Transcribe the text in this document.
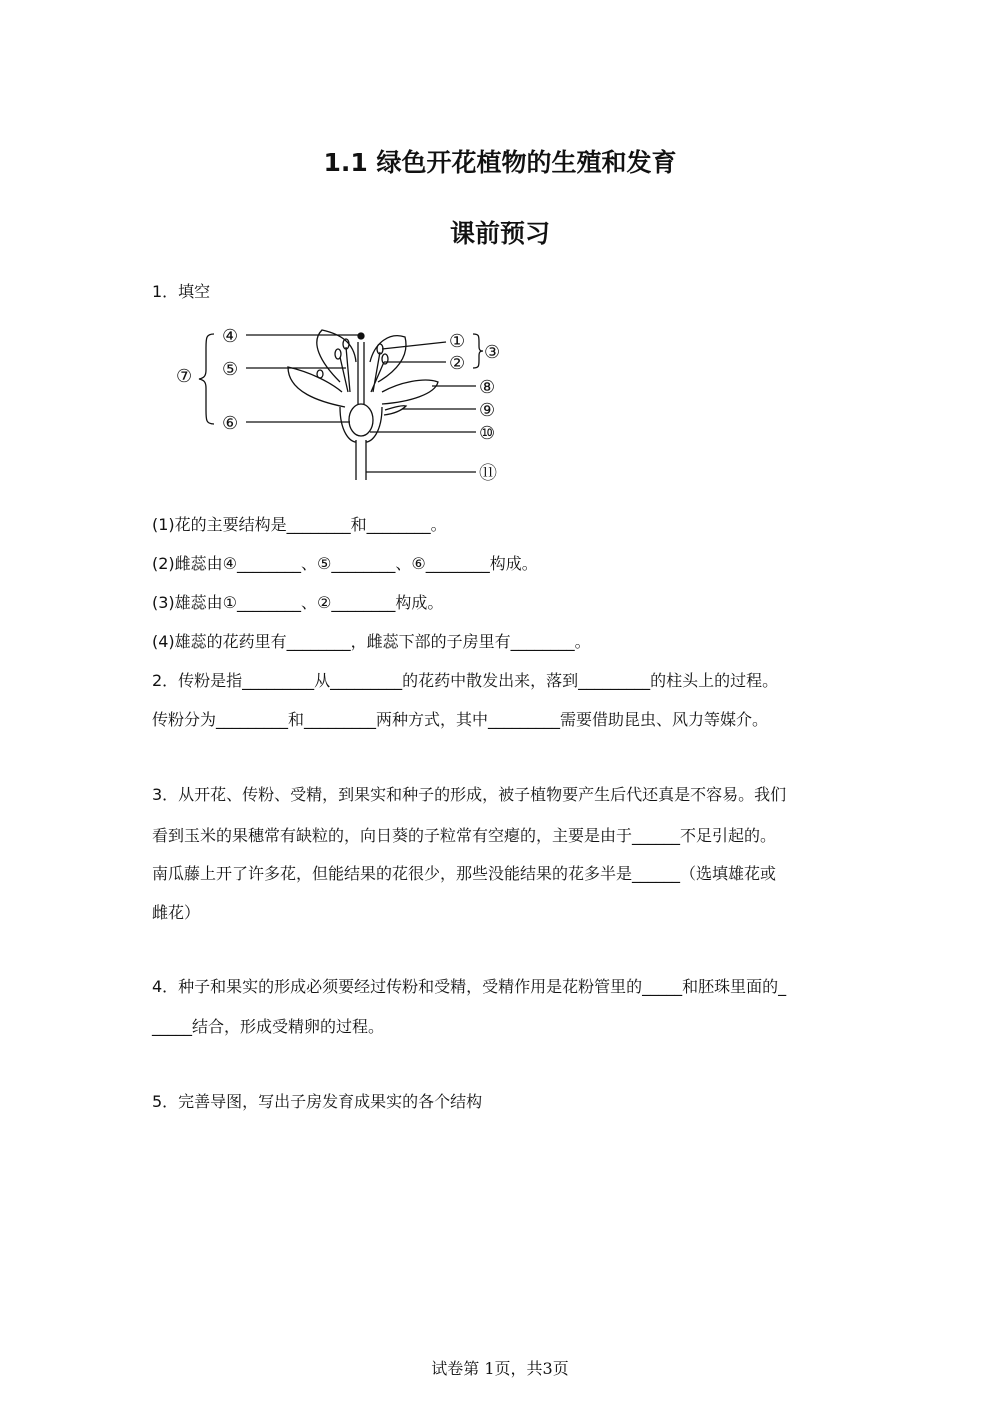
1.1 绿色开花植物的生殖和发育
课前预习
1．填空
④
⑤
⑥
⑦
①
②
③
⑧
⑨
⑩
⑪
(1)花的主要结构是________和________。
(2)雌蕊由④________、⑤________、⑥________构成。
(3)雄蕊由①________、②________构成。
(4)雄蕊的花药里有________，雌蕊下部的子房里有________。
2．传粉是指_________从_________的花药中散发出来，落到_________的柱头上的过程。
传粉分为_________和_________两种方式，其中_________需要借助昆虫、风力等媒介。
3．从开花、传粉、受精，到果实和种子的形成，被子植物要产生后代还真是不容易。我们
看到玉米的果穗常有缺粒的，向日葵的子粒常有空瘪的，主要是由于______不足引起的。
南瓜藤上开了许多花，但能结果的花很少，那些没能结果的花多半是______（选填雄花或
雌花）
4．种子和果实的形成必须要经过传粉和受精，受精作用是花粉管里的_____和胚珠里面的_
_____结合，形成受精卵的过程。
5．完善导图，写出子房发育成果实的各个结构
试卷第 1页，共3页
